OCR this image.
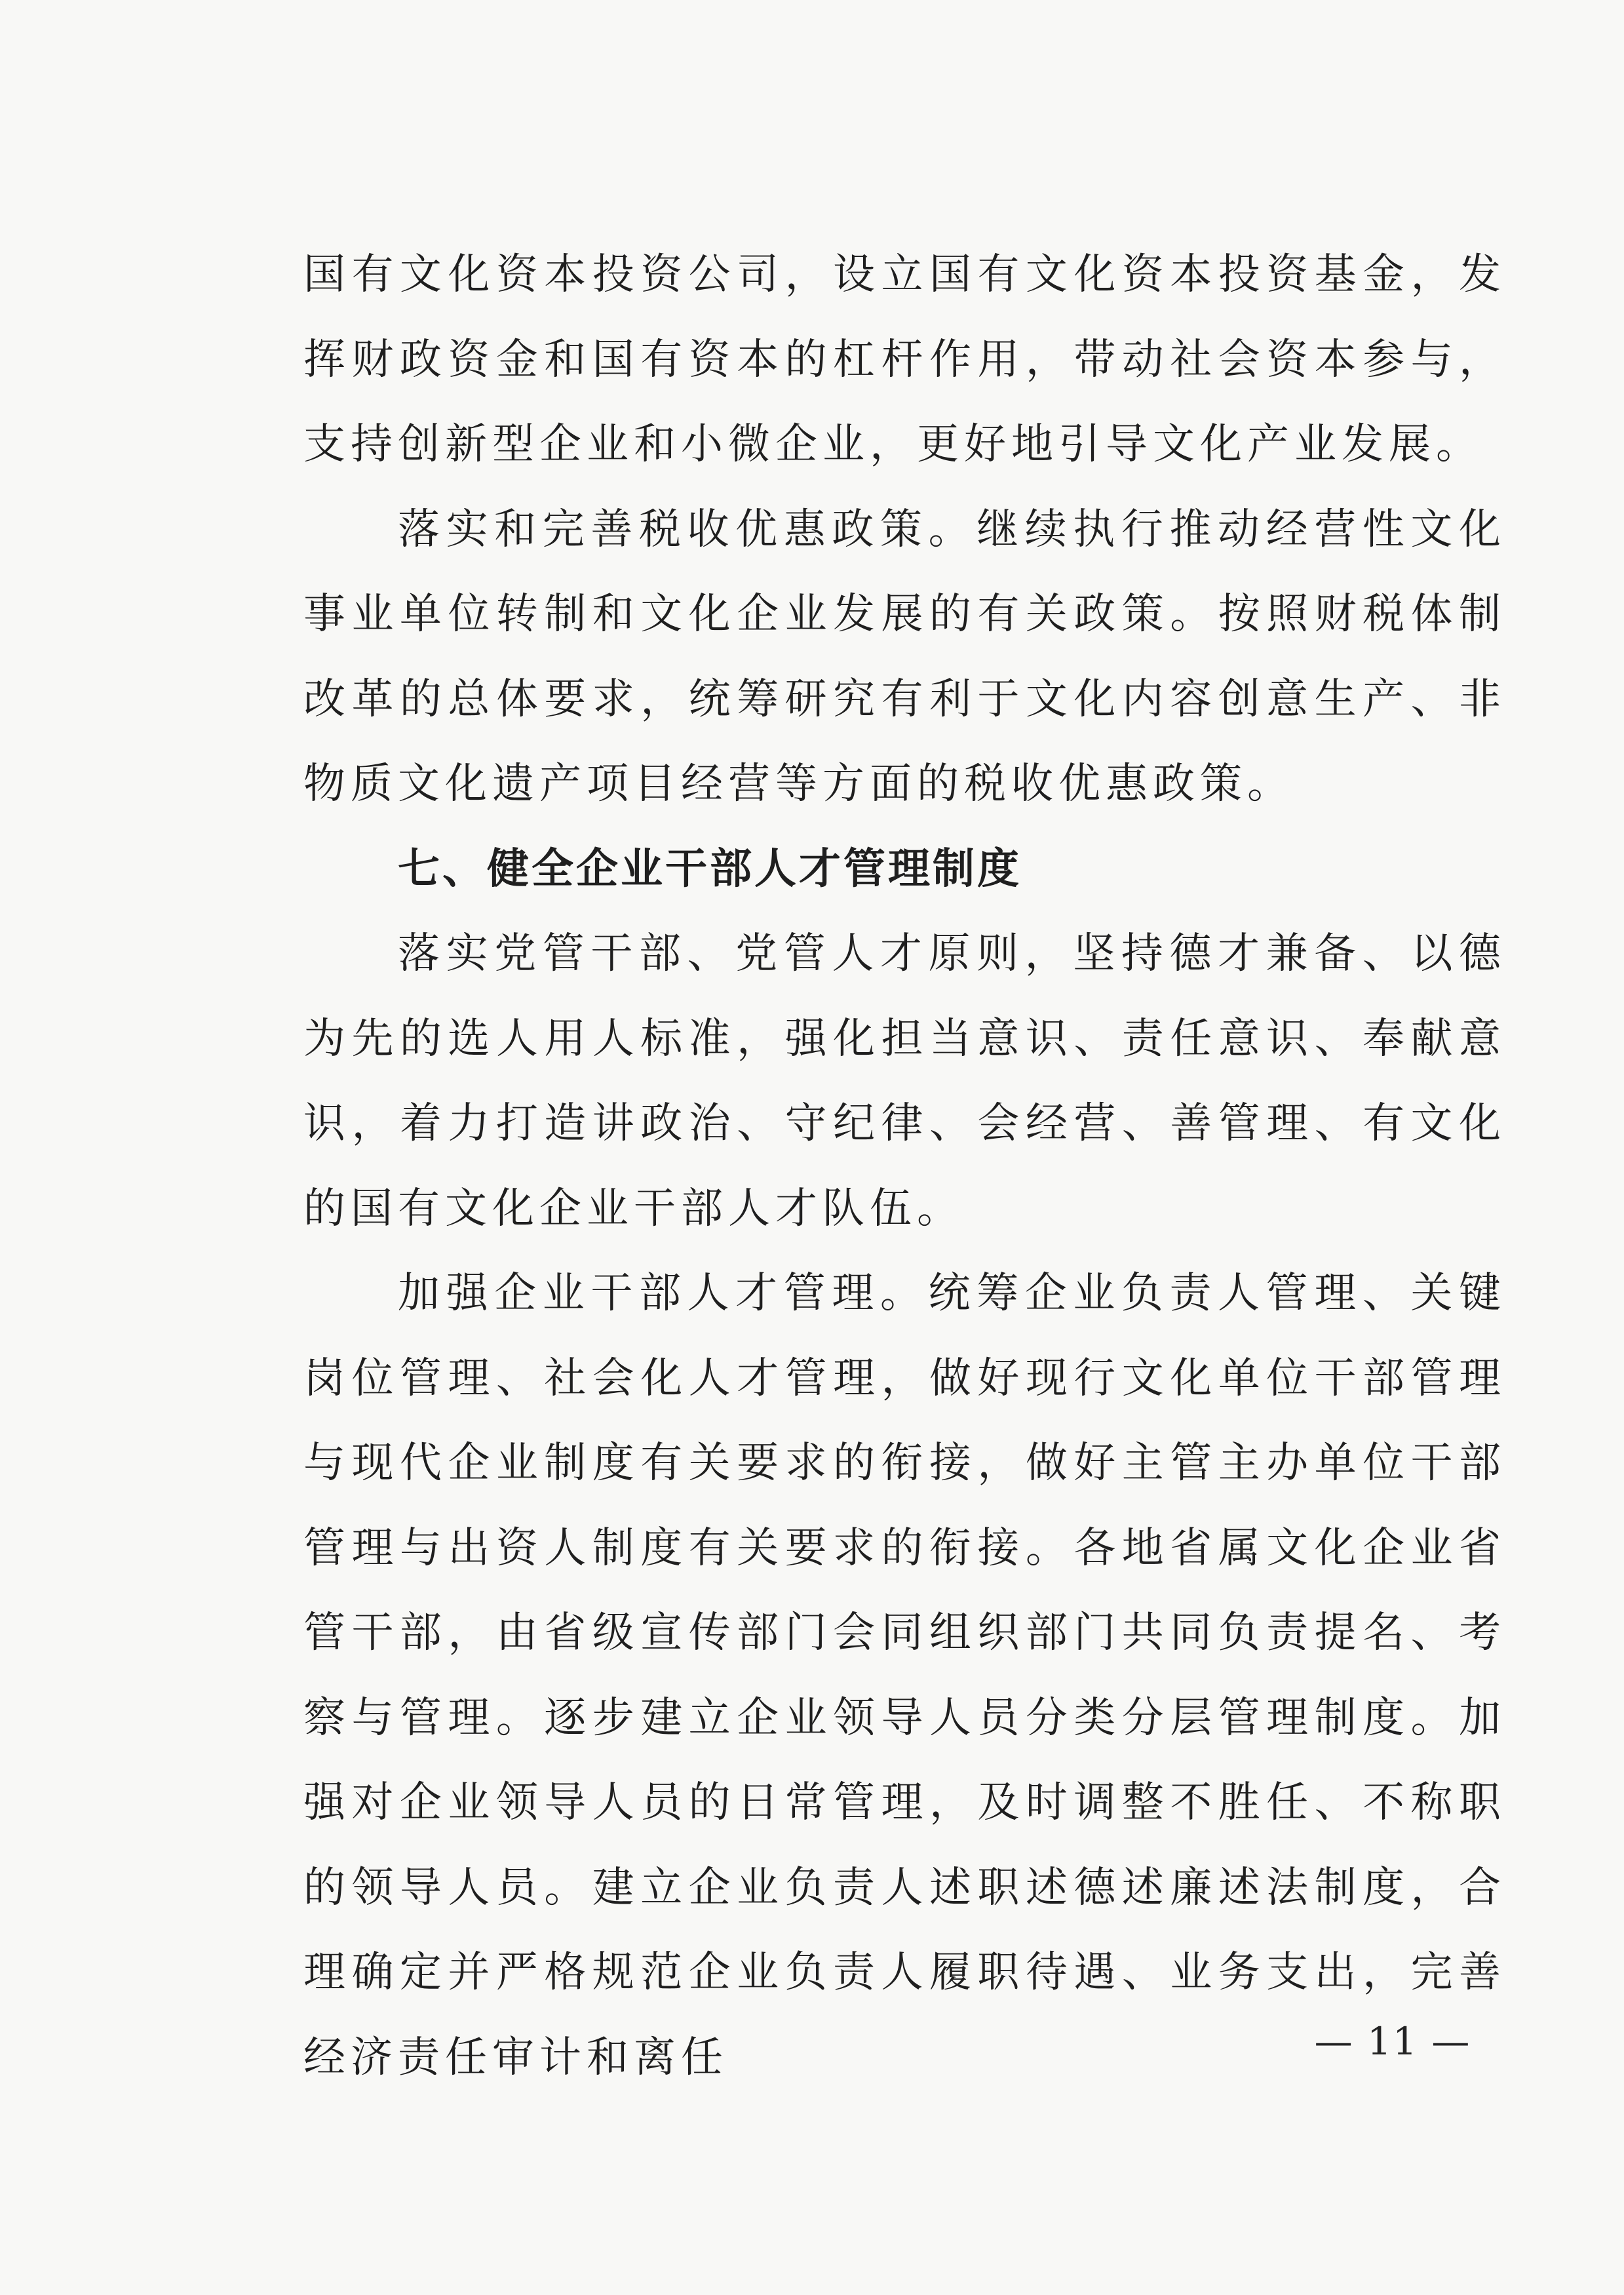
国有文化资本投资公司，设立国有文化资本投资基金，发挥财政资金和国有资本的杠杆作用，带动社会资本参与，支持创新型企业和小微企业，更好地引导文化产业发展。

落实和完善税收优惠政策。继续执行推动经营性文化事业单位转制和文化企业发展的有关政策。按照财税体制改革的总体要求，统筹研究有利于文化内容创意生产、非物质文化遗产项目经营等方面的税收优惠政策。

七、健全企业干部人才管理制度

落实党管干部、党管人才原则，坚持德才兼备、以德为先的选人用人标准，强化担当意识、责任意识、奉献意识，着力打造讲政治、守纪律、会经营、善管理、有文化的国有文化企业干部人才队伍。

加强企业干部人才管理。统筹企业负责人管理、关键岗位管理、社会化人才管理，做好现行文化单位干部管理与现代企业制度有关要求的衔接，做好主管主办单位干部管理与出资人制度有关要求的衔接。各地省属文化企业省管干部，由省级宣传部门会同组织部门共同负责提名、考察与管理。逐步建立企业领导人员分类分层管理制度。加强对企业领导人员的日常管理，及时调整不胜任、不称职的领导人员。建立企业负责人述职述德述廉述法制度，合理确定并严格规范企业负责人履职待遇、业务支出，完善经济责任审计和离任	— 11 —
